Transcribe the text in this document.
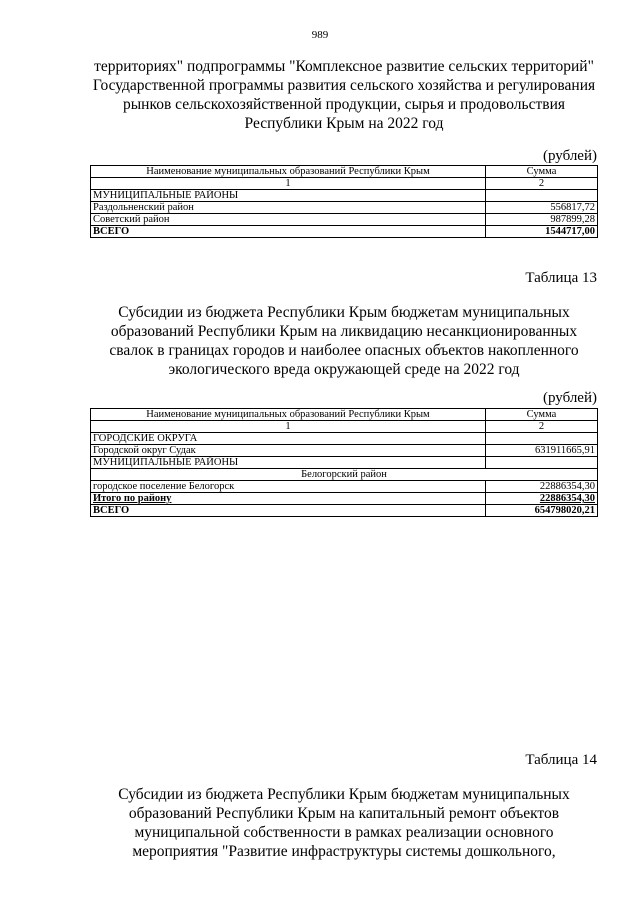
989
территориях" подпрограммы "Комплексное развитие сельских территорий"
Государственной программы развития сельского хозяйства и регулирования
рынков сельскохозяйственной продукции, сырья и продовольствия
Республики Крым на 2022 год
(рублей)
Наименование муниципальных образований Республики Крым	Сумма
1	2
МУНИЦИПАЛЬНЫЕ РАЙОНЫ	
Раздольненский район	556817,72
Советский район	987899,28
ВСЕГО	1544717,00
Таблица 13
Субсидии из бюджета Республики Крым бюджетам муниципальных
образований Республики Крым на ликвидацию несанкционированных
свалок в границах городов и наиболее опасных объектов накопленного
экологического вреда окружающей среде на 2022 год
(рублей)
Наименование муниципальных образований Республики Крым	Сумма
1	2
ГОРОДСКИЕ ОКРУГА	
Городской округ Судак	631911665,91
МУНИЦИПАЛЬНЫЕ РАЙОНЫ	
Белогорский район	
городское поселение Белогорск	22886354,30
Итого по району	22886354,30
ВСЕГО	654798020,21
Таблица 14
Субсидии из бюджета Республики Крым бюджетам муниципальных
образований Республики Крым на капитальный ремонт объектов
муниципальной собственности в рамках реализации основного
мероприятия "Развитие инфраструктуры системы дошкольного,
